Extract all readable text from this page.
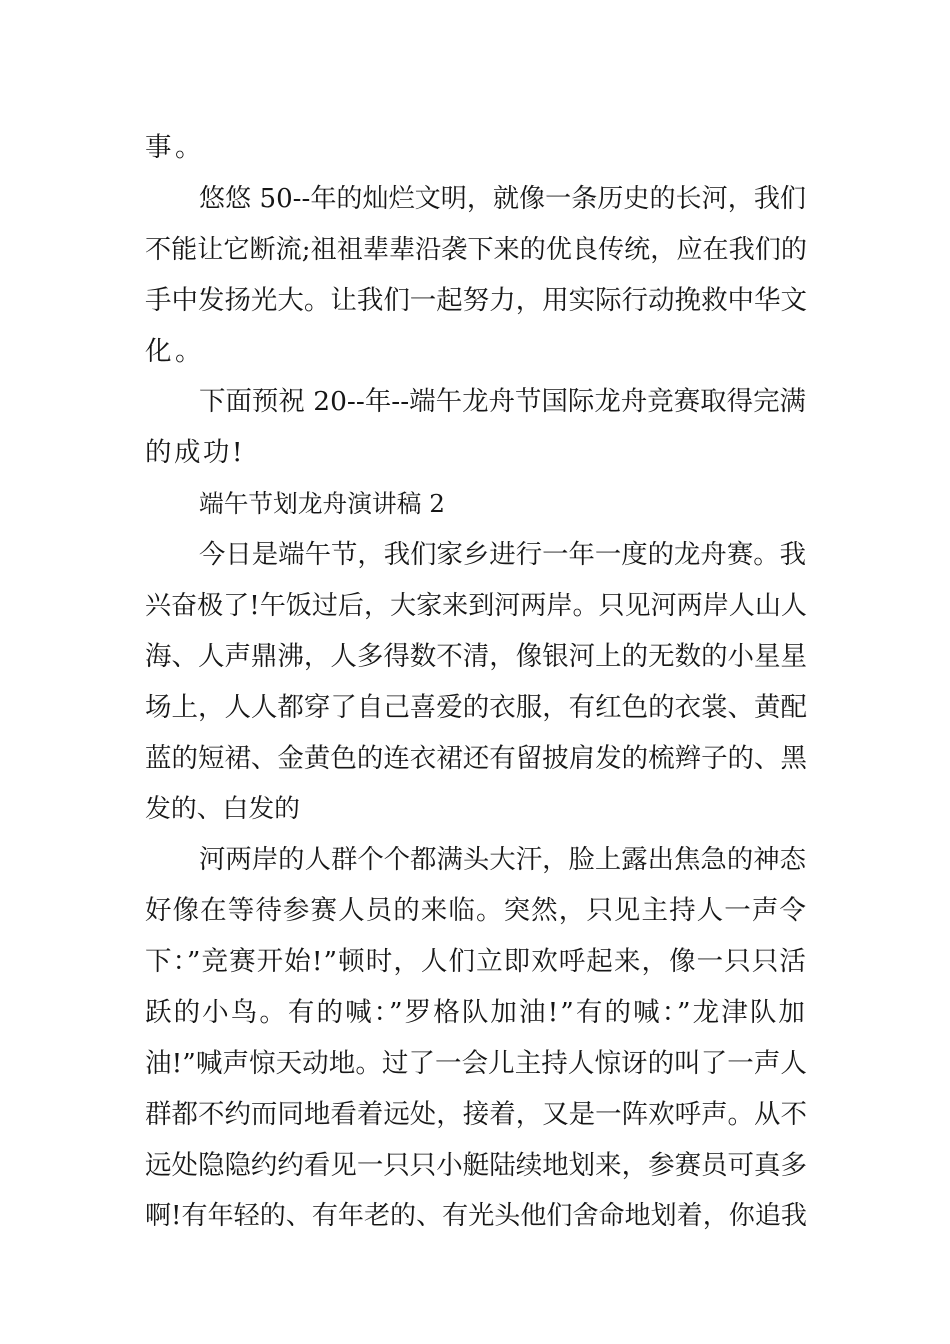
事。
悠悠 50--年的灿烂文明，就像一条历史的长河，我们
不能让它断流;祖祖辈辈沿袭下来的优良传统，应在我们的
手中发扬光大。让我们一起努力，用实际行动挽救中华文
化。
下面预祝 20--年--端午龙舟节国际龙舟竞赛取得完满
的成功!
端午节划龙舟演讲稿 2
今日是端午节，我们家乡进行一年一度的龙舟赛。我
兴奋极了!午饭过后，大家来到河两岸。只见河两岸人山人
海、人声鼎沸，人多得数不清，像银河上的无数的小星星
场上，人人都穿了自己喜爱的衣服，有红色的衣裳、黄配
蓝的短裙、金黄色的连衣裙还有留披肩发的梳辫子的、黑
发的、白发的
河两岸的人群个个都满头大汗，脸上露出焦急的神态
好像在等待参赛人员的来临。突然，只见主持人一声令
下：”竞赛开始!”顿时，人们立即欢呼起来，像一只只活
跃的小鸟。有的喊：”罗格队加油!”有的喊：”龙津队加
油!”喊声惊天动地。过了一会儿主持人惊讶的叫了一声人
群都不约而同地看着远处，接着，又是一阵欢呼声。从不
远处隐隐约约看见一只只小艇陆续地划来，参赛员可真多
啊!有年轻的、有年老的、有光头他们舍命地划着，你追我
